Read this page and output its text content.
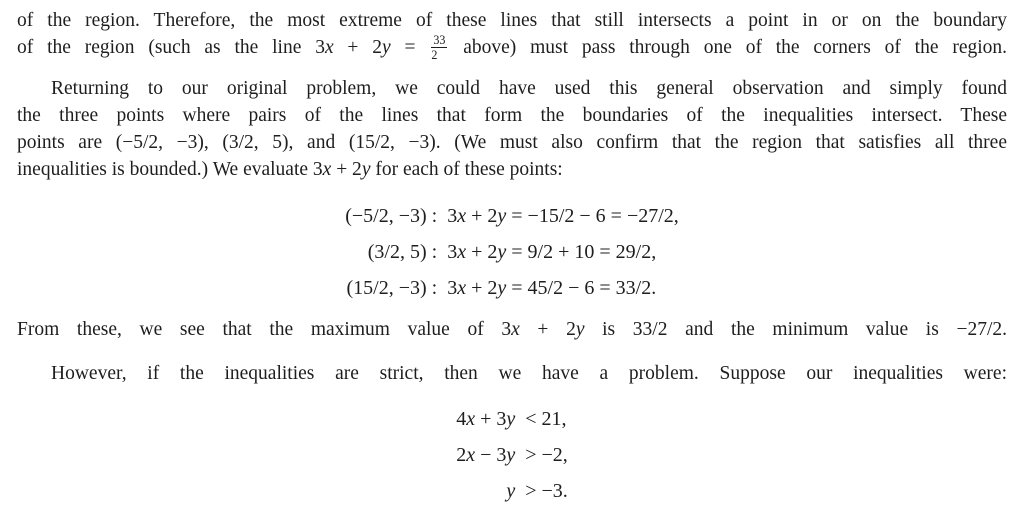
of the region. Therefore, the most extreme of these lines that still intersects a point in or on the boundary
of the region (such as the line $3x + 2y = \frac{33}{2}$ above) must pass through one of the corners of the region.
Returning to our original problem, we could have used this general observation and simply found
the three points where pairs of the lines that form the boundaries of the inequalities intersect. These
points are (−5/2, −3), (3/2, 5), and (15/2, −3). (We must also confirm that the region that satisfies all three
inequalities is bounded.) We evaluate 3x + 2y for each of these points:
(−5/2, −3) :	3x + 2y = −15/2 − 6 = −27/2,
(3/2, 5) :	3x + 2y = 9/2 + 10 = 29/2,
(15/2, −3) :	3x + 2y = 45/2 − 6 = 33/2.
From these, we see that the maximum value of 3x + 2y is 33/2 and the minimum value is −27/2.
However, if the inequalities are strict, then we have a problem. Suppose our inequalities were:
4x + 3y	< 21,
2x − 3y	> −2,
y	> −3.
